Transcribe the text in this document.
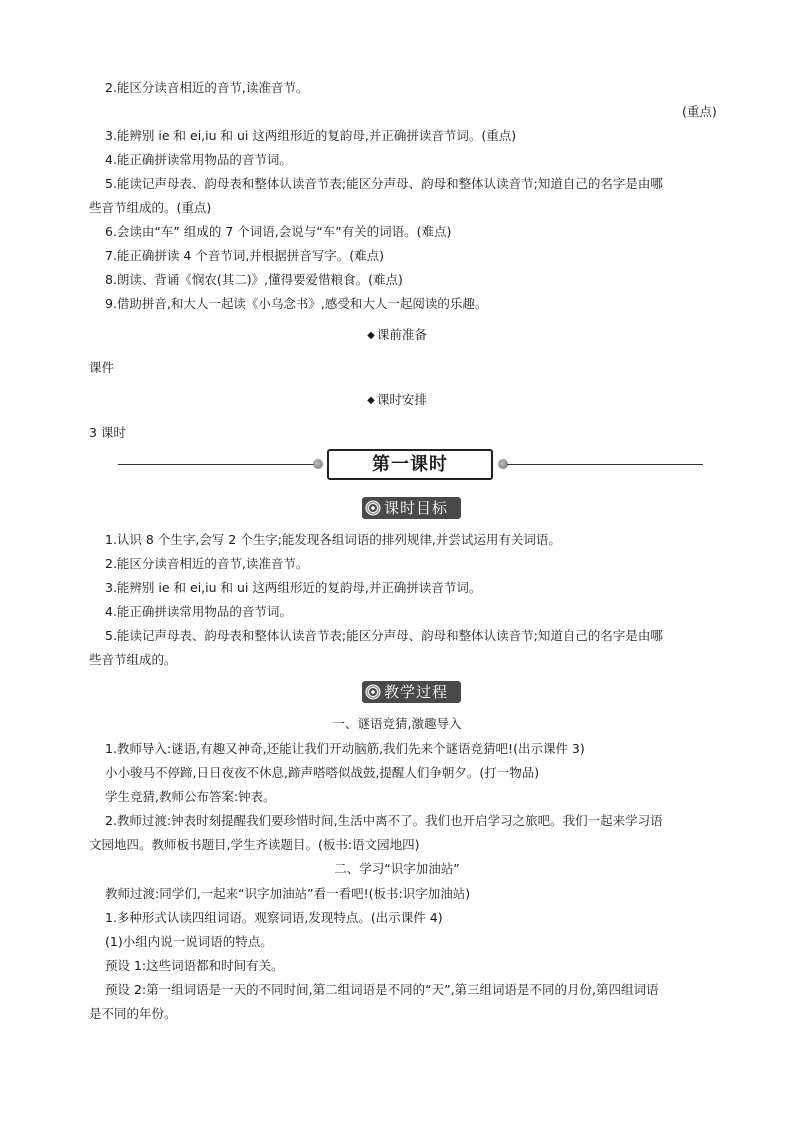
2.能区分读音相近的音节,读准音节。
(重点)
3.能辨别 ie 和 ei,iu 和 ui 这两组形近的复韵母,并正确拼读音节词。(重点)
4.能正确拼读常用物品的音节词。
5.能读记声母表、韵母表和整体认读音节表;能区分声母、韵母和整体认读音节;知道自己的名字是由哪
些音节组成的。(重点)
6.会读由“车” 组成的 7 个词语,会说与“车”有关的词语。(难点)
7.能正确拼读 4 个音节词,并根据拼音写字。(难点)
8.朗读、背诵《悯农(其二)》,懂得要爱惜粮食。(难点)
9.借助拼音,和大人一起读《小乌念书》,感受和大人一起阅读的乐趣。
◆ 课前准备
课件
◆ 课时安排
3 课时
第一课时
课时目标
1.认识 8 个生字,会写 2 个生字;能发现各组词语的排列规律,并尝试运用有关词语。
2.能区分读音相近的音节,读准音节。
3.能辨别 ie 和 ei,iu 和 ui 这两组形近的复韵母,并正确拼读音节词。
4.能正确拼读常用物品的音节词。
5.能读记声母表、韵母表和整体认读音节表;能区分声母、韵母和整体认读音节;知道自己的名字是由哪
些音节组成的。
教学过程
一、谜语竞猜,激趣导入
1.教师导入:谜语,有趣又神奇,还能让我们开动脑筋,我们先来个谜语竞猜吧!(出示课件 3)
小小骏马不停蹄,日日夜夜不休息,蹄声嗒嗒似战鼓,提醒人们争朝夕。(打一物品)
学生竞猜,教师公布答案:钟表。
2.教师过渡:钟表时刻提醒我们要珍惜时间,生活中离不了。我们也开启学习之旅吧。我们一起来学习语
文园地四。教师板书题目,学生齐读题目。(板书:语文园地四)
二、学习“识字加油站”
教师过渡:同学们,一起来“识字加油站”看一看吧!(板书:识字加油站)
1.多种形式认读四组词语。观察词语,发现特点。(出示课件 4)
(1)小组内说一说词语的特点。
预设 1:这些词语都和时间有关。
预设 2:第一组词语是一天的不同时间,第二组词语是不同的“天”,第三组词语是不同的月份,第四组词语
是不同的年份。
